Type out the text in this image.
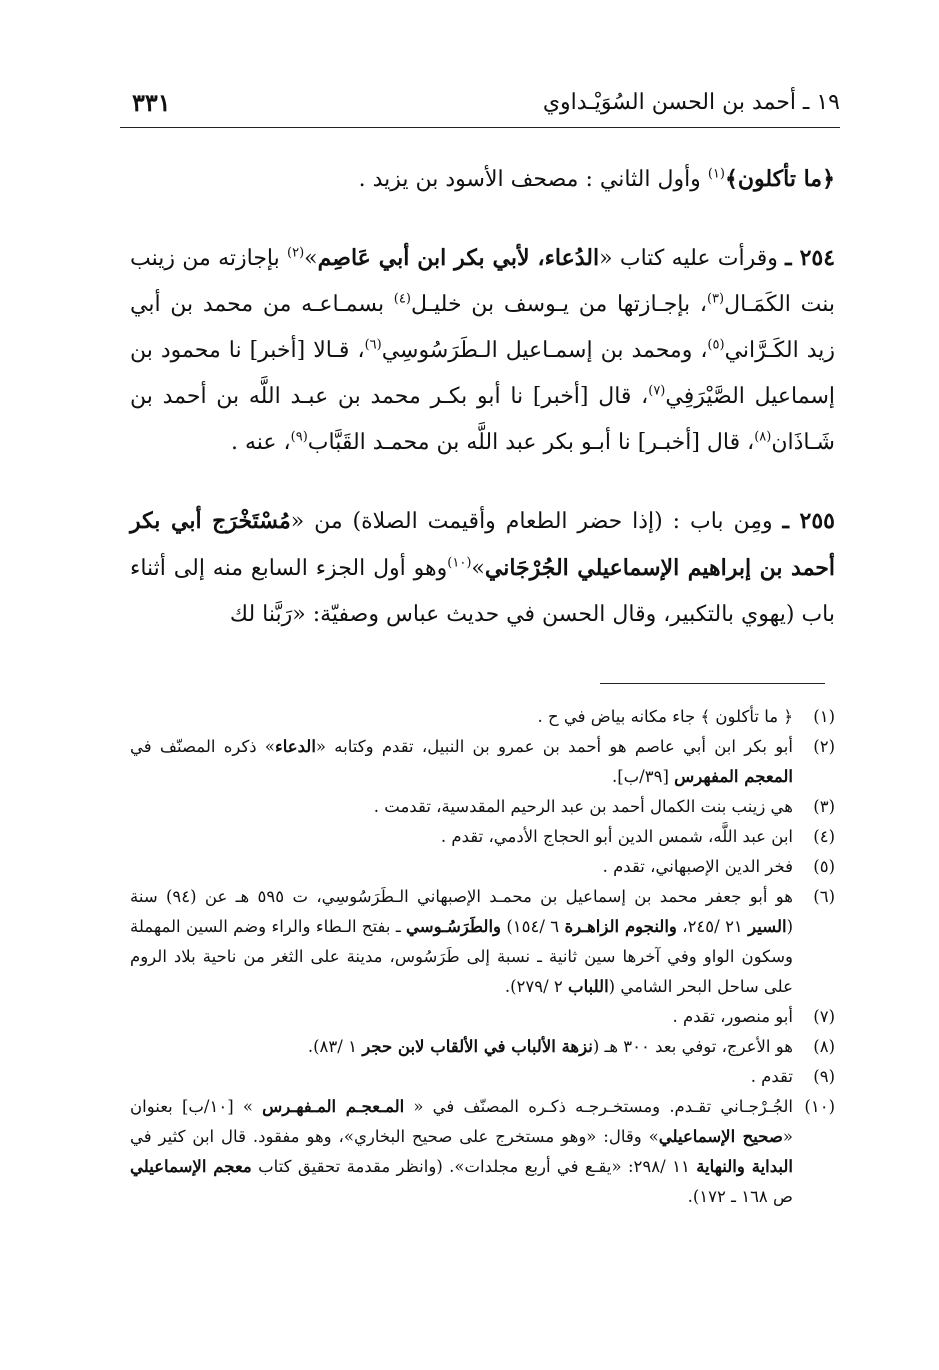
١٩ ـ أحمد بن الحسن السُوَيْـداوي
٣٣١

﴿ما تأكلون﴾$^{(١)}$ وأول الثاني : مصحف الأسود بن يزيد .

٢٥٤ ـ وقرأت عليه كتاب «الدُعاء، لأبي بكر ابن أبي عَاصِم»$^{(٢)}$ بإجازته من زينب بنت الكَمَـال$^{(٣)}$، بإجـازتها من يـوسف بن خليـل$^{(٤)}$ بسمـاعـه من محمد بن أبي زيد الكَـرَّاني$^{(٥)}$، ومحمد بن إسمـاعيل الـطَرَسُوسِي$^{(٦)}$، قـالا [أخبر] نا محمود بن إسماعيل الصَّيْرَفِي$^{(٧)}$، قال [أخبر] نا أبو بكـر محمد بن عبـد اللَّه بن أحمد بن شَـاذَان$^{(٨)}$، قال [أخبـر] نا أبـو بكر عبد اللَّه بن محمـد القَبَّاب$^{(٩)}$، عنه .

٢٥٥ ـ ومِن باب : (إذا حضر الطعام وأقيمت الصلاة) من «مُسْتَخْرَج أبي بكر أحمد بن إبراهيم الإسماعيلي الجُرْجَاني»$^{(١٠)}$وهو أول الجزء السابع منه إلى أثناء باب (يهوي بالتكبير، وقال الحسن في حديث عباس وصفيّة: «رَبَّنا لك

(١)
﴿ ما تأكلون ﴾ جاء مكانه بياض في ح .
(٢)
أبو بكر ابن أبي عاصم هو أحمد بن عمرو بن النبيل، تقدم وكتابه «الدعاء» ذكره المصنّف في المعجم المفهرس [٣٩/ب].
(٣)
هي زينب بنت الكمال أحمد بن عبد الرحيم المقدسية، تقدمت .
(٤)
ابن عبد اللَّه، شمس الدين أبو الحجاج الأدمي، تقدم .
(٥)
فخر الدين الإصبهاني، تقدم .
(٦)
هو أبو جعفر محمد بن إسماعيل بن محمـد الإصبهاني الـطَرَسُوسِي، ت ٥٩٥ هـ عن (٩٤) سنة (السير ٢١ /٢٤٥، والنجوم الزاهـرة ٦ /١٥٤) والطَرَسُـوسي ـ بفتح الـطاء والراء وضم السين المهملة وسكون الواو وفي آخرها سين ثانية ـ نسبة إلى طَرَسُوس، مدينة على الثغر من ناحية بلاد الروم على ساحل البحر الشامي (اللباب ٢ /٢٧٩).
(٧)
أبو منصور، تقدم .
(٨)
هو الأعرج، توفي بعد ٣٠٠ هـ (نزهة الألباب في الألقاب لابن حجر ١ /٨٣).
(٩)
تقدم .
(١٠)
الجُـرْجـاني تقـدم. ومستخـرجـه ذكـره المصنّف في « المـعجـم المـفهـرس » [١٠/ب] بعنوان «صحيح الإسماعيلي» وقال: «وهو مستخرج على صحيح البخاري»، وهو مفقود. قال ابن كثير في البداية والنهاية ١١ /٢٩٨: «يقـع في أربع مجلدات». (وانظر مقدمة تحقيق كتاب معجم الإسماعيلي ص ١٦٨ ـ ١٧٢).
